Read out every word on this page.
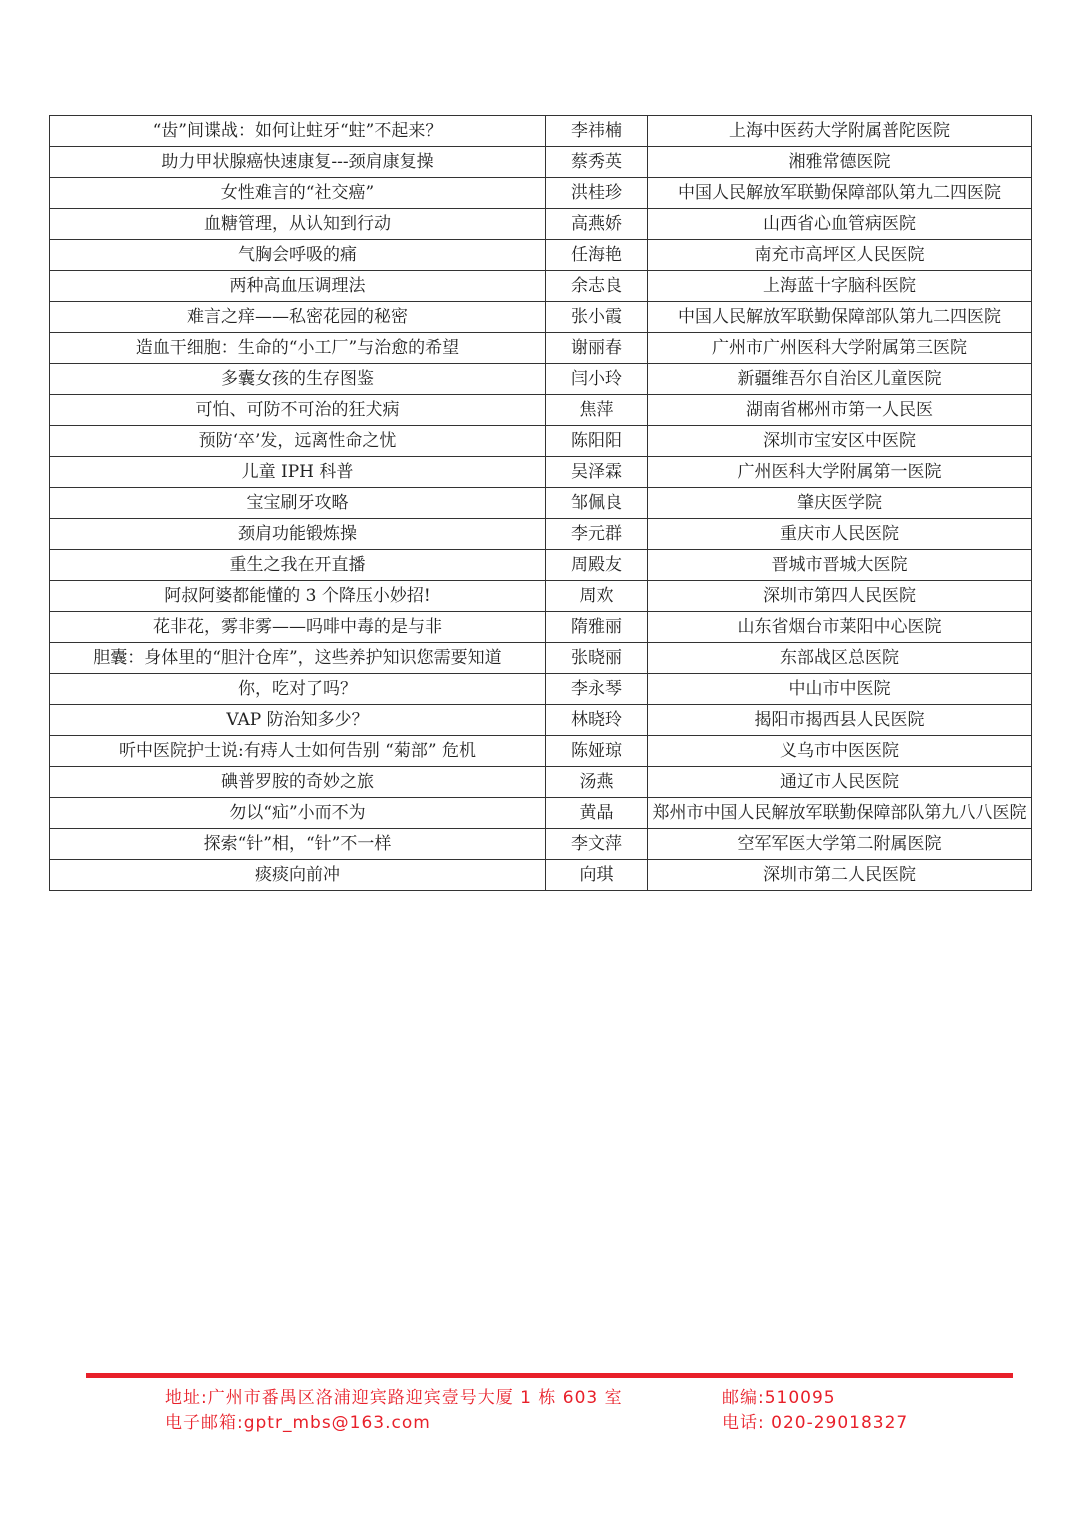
“齿”间谍战：如何让蛀牙“蛀”不起来？	李祎楠	上海中医药大学附属普陀医院
助力甲状腺癌快速康复---颈肩康复操	蔡秀英	湘雅常德医院
女性难言的“社交癌”	洪桂珍	中国人民解放军联勤保障部队第九二四医院
血糖管理，从认知到行动	高燕娇	山西省心血管病医院
气胸会呼吸的痛	任海艳	南充市高坪区人民医院
两种高血压调理法	余志良	上海蓝十字脑科医院
难言之痒——私密花园的秘密	张小霞	中国人民解放军联勤保障部队第九二四医院
造血干细胞：生命的“小工厂”与治愈的希望	谢丽春	广州市广州医科大学附属第三医院
多囊女孩的生存图鉴	闫小玲	新疆维吾尔自治区儿童医院
可怕、可防不可治的狂犬病	焦萍	湖南省郴州市第一人民医
预防‘卒’发，远离性命之忧	陈阳阳	深圳市宝安区中医院
儿童 IPH 科普	吴泽霖	广州医科大学附属第一医院
宝宝刷牙攻略	邹佩良	肇庆医学院
颈肩功能锻炼操	李元群	重庆市人民医院
重生之我在开直播	周殿友	晋城市晋城大医院
阿叔阿婆都能懂的 3 个降压小妙招!	周欢	深圳市第四人民医院
花非花，雾非雾——吗啡中毒的是与非	隋雅丽	山东省烟台市莱阳中心医院
胆囊：身体里的“胆汁仓库”，这些养护知识您需要知道	张晓丽	东部战区总医院
你，吃对了吗？	李永琴	中山市中医院
VAP 防治知多少？	林晓玲	揭阳市揭西县人民医院
听中医院护士说:有痔人士如何告别 “菊部” 危机	陈娅琼	义乌市中医医院
碘普罗胺的奇妙之旅	汤燕	通辽市人民医院
勿以“疝”小而不为	黄晶	郑州市中国人民解放军联勤保障部队第九八八医院
探索“针”相，“针”不一样	李文萍	空军军医大学第二附属医院
痰痰向前冲	向琪	深圳市第二人民医院
地址:广州市番禺区洛浦迎宾路迎宾壹号大厦 1 栋 603 室
电子邮箱:gptr_mbs@163.com
邮编:510095
电话: 020-29018327
